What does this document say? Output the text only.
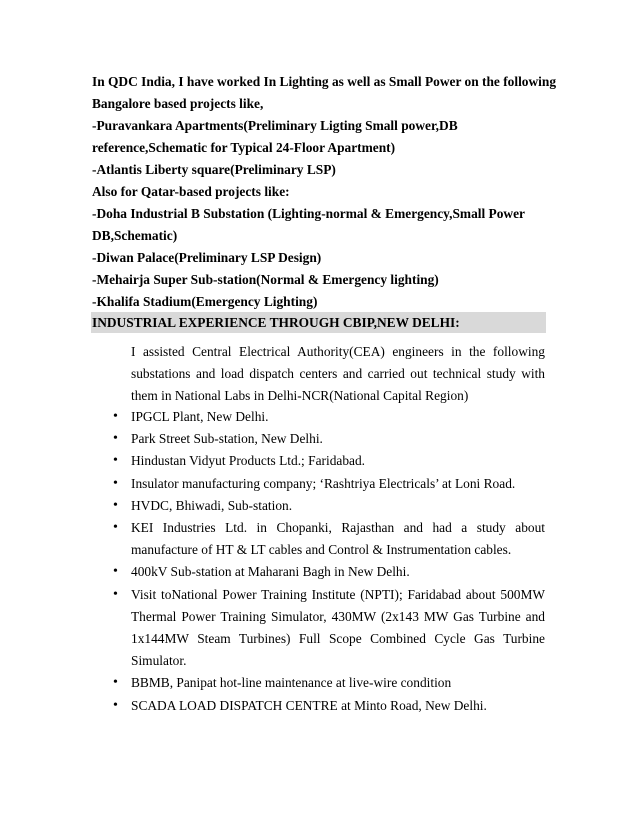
In QDC India, I have worked In Lighting as well as Small Power on the following
Bangalore based projects like,
-Puravankara Apartments(Preliminary Ligting Small power,DB
reference,Schematic for Typical 24-Floor Apartment)
-Atlantis Liberty square(Preliminary LSP)
Also for Qatar-based projects like:
-Doha Industrial B Substation (Lighting-normal & Emergency,Small Power
DB,Schematic)
-Diwan Palace(Preliminary LSP Design)
-Mehairja Super Sub-station(Normal & Emergency lighting)
-Khalifa Stadium(Emergency Lighting)
INDUSTRIAL EXPERIENCE THROUGH CBIP,NEW DELHI:
I assisted Central Electrical Authority(CEA) engineers in the following substations and load dispatch centers and carried out technical study with them in National Labs in Delhi-NCR(National Capital Region)
• IPGCL Plant, New Delhi.
• Park Street Sub-station, New Delhi.
• Hindustan Vidyut Products Ltd.; Faridabad.
• Insulator manufacturing company; ‘Rashtriya Electricals’ at Loni Road.
• HVDC, Bhiwadi, Sub-station.
• KEI Industries Ltd. in Chopanki, Rajasthan and had a study about manufacture of HT & LT cables and Control & Instrumentation cables.
• 400kV Sub-station at Maharani Bagh in New Delhi.
• Visit toNational Power Training Institute (NPTI); Faridabad about 500MW Thermal Power Training Simulator, 430MW (2x143 MW Gas Turbine and 1x144MW Steam Turbines) Full Scope Combined Cycle Gas Turbine Simulator.
• BBMB, Panipat hot-line maintenance at live-wire condition
• SCADA LOAD DISPATCH CENTRE at Minto Road, New Delhi.
